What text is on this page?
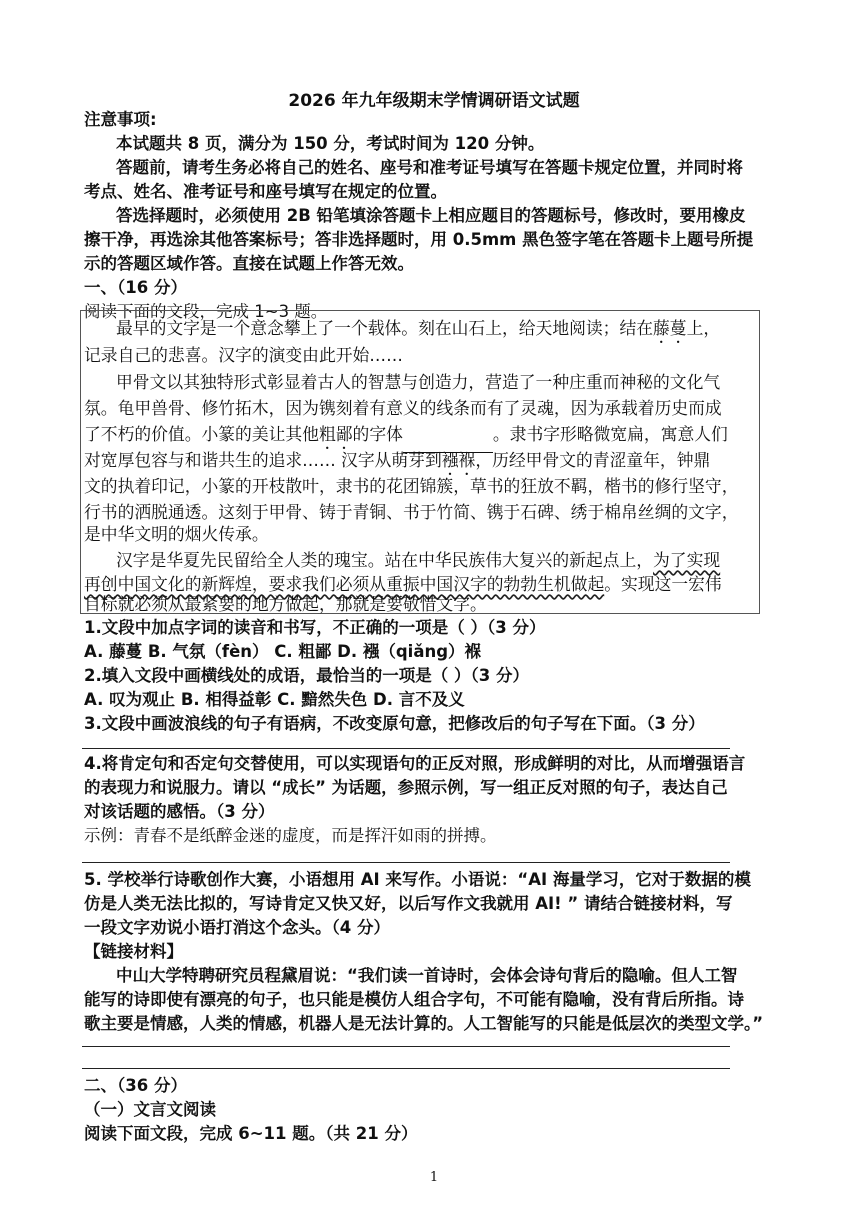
2026 年九年级期末学情调研语文试题
注意事项:
本试题共 8 页，满分为 150 分，考试时间为 120 分钟。
答题前，请考生务必将自己的姓名、座号和准考证号填写在答题卡规定位置，并同时将
考点、姓名、准考证号和座号填写在规定的位置。
答选择题时，必须使用 2B 铅笔填涂答题卡上相应题目的答题标号，修改时，要用橡皮
擦干净，再选涂其他答案标号；答非选择题时，用 0.5mm 黑色签字笔在答题卡上题号所提
示的答题区域作答。直接在试题上作答无效。
一、（16 分）
阅读下面的文段，完成 1~3 题。
最早的文字是一个意念攀上了一个载体。刻在山石上，给天地阅读；结在藤蔓上，
记录自己的悲喜。汉字的演变由此开始……
甲骨文以其独特形式彰显着古人的智慧与创造力，营造了一种庄重而神秘的文化气
氛。龟甲兽骨、修竹拓木，因为镌刻着有意义的线条而有了灵魂，因为承载着历史而成
了不朽的价值。小篆的美让其他粗鄙的字体	。隶书字形略微宽扁，寓意人们
对宽厚包容与和谐共生的追求…… 汉字从萌芽到襁褓，历经甲骨文的青涩童年，钟鼎
文的执着印记，小篆的开枝散叶，隶书的花团锦簇，草书的狂放不羁，楷书的修行坚守，
行书的洒脱通透。这刻于甲骨、铸于青铜、书于竹简、镌于石碑、绣于棉帛丝绸的文字，
是中华文明的烟火传承。
汉字是华夏先民留给全人类的瑰宝。站在中华民族伟大复兴的新起点上，为了实现
再创中国文化的新辉煌，要求我们必须从重振中国汉字的勃勃生机做起。实现这一宏伟
目标就必须从最紧要的地方做起，那就是要敬惜文字。
1.文段中加点字词的读音和书写，不正确的一项是（ ）（3 分）
A. 藤蔓 B. 气氛（fèn） C. 粗鄙 D. 襁（qiǎng）褓
2.填入文段中画横线处的成语，最恰当的一项是（ ）（3 分）
A. 叹为观止 B. 相得益彰 C. 黯然失色 D. 言不及义
3.文段中画波浪线的句子有语病，不改变原句意，把修改后的句子写在下面。（3 分）
4.将肯定句和否定句交替使用，可以实现语句的正反对照，形成鲜明的对比，从而增强语言
的表现力和说服力。请以 “成长” 为话题，参照示例，写一组正反对照的句子，表达自己
对该话题的感悟。（3 分）
示例：青春不是纸醉金迷的虚度，而是挥汗如雨的拼搏。
5. 学校举行诗歌创作大赛，小语想用 AI 来写作。小语说：“AI 海量学习，它对于数据的模
仿是人类无法比拟的，写诗肯定又快又好，以后写作文我就用 AI! ” 请结合链接材料，写
一段文字劝说小语打消这个念头。（4 分）
【链接材料】
中山大学特聘研究员程黛眉说：“我们读一首诗时，会体会诗句背后的隐喻。但人工智
能写的诗即使有漂亮的句子，也只能是模仿人组合字句，不可能有隐喻，没有背后所指。诗
歌主要是情感，人类的情感，机器人是无法计算的。人工智能写的只能是低层次的类型文学。”
二、（36 分）
（一）文言文阅读
阅读下面文段，完成 6~11 题。（共 21 分）
1
